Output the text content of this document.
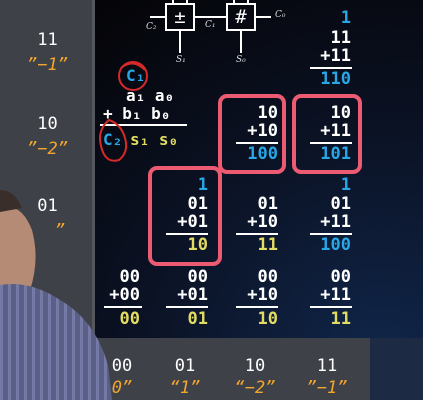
11
”−1”
10
”−2”
01
”
00
0”
01
“1”
10
“−2”
11
”−1”
±	#
C₂	C₁
C₀
S₁	S₀
C₁
a₁ a₀
+ b₁ b₀
C₂ s₁ s₀
1
11
+11
110
10
+10
100
10
+11
101
1
01
+01
10
01
+10
11
1
01
+11
100
00
+00
00
00
+01
01
00
+10
10
00
+11
11
